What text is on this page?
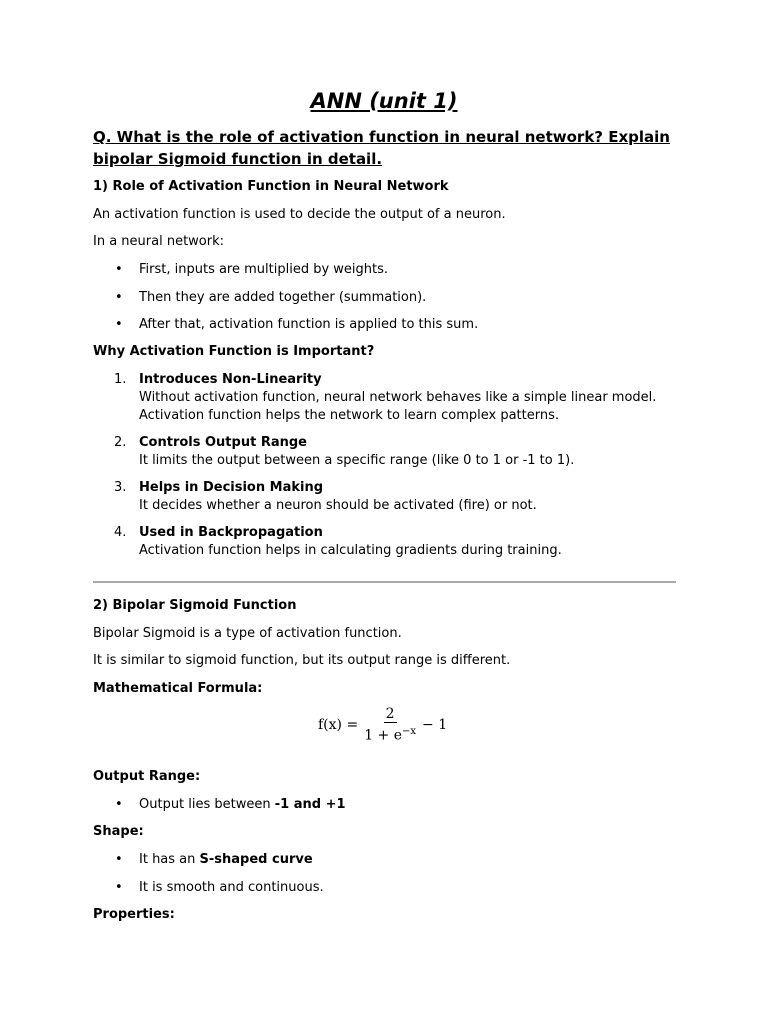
ANN (unit 1)
Q. What is the role of activation function in neural network? Explain bipolar Sigmoid function in detail.
1) Role of Activation Function in Neural Network
An activation function is used to decide the output of a neuron.
In a neural network:
• First, inputs are multiplied by weights.
• Then they are added together (summation).
• After that, activation function is applied to this sum.
Why Activation Function is Important?
1. Introduces Non-Linearity
Without activation function, neural network behaves like a simple linear model.
Activation function helps the network to learn complex patterns.
2. Controls Output Range
It limits the output between a specific range (like 0 to 1 or -1 to 1).
3. Helps in Decision Making
It decides whether a neuron should be activated (fire) or not.
4. Used in Backpropagation
Activation function helps in calculating gradients during training.
2) Bipolar Sigmoid Function
Bipolar Sigmoid is a type of activation function.
It is similar to sigmoid function, but its output range is different.
Mathematical Formula:
$f(x) = \frac{2}{1 + e^{-x}} - 1$
Output Range:
• Output lies between -1 and +1
Shape:
• It has an S-shaped curve
• It is smooth and continuous.
Properties:
